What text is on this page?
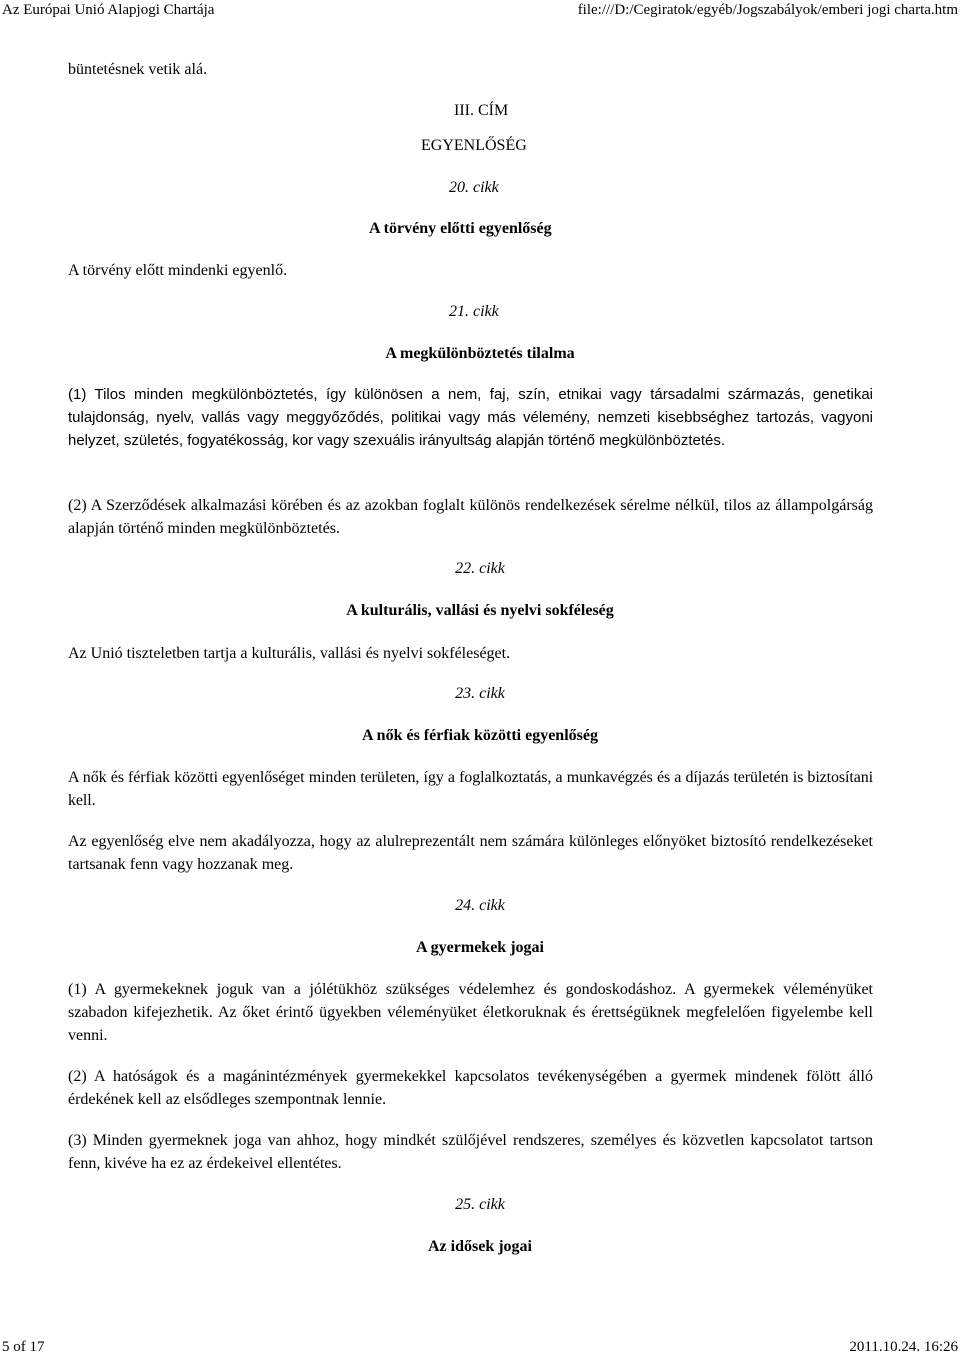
Az Európai Unió Alapjogi Chartája	file:///D:/Cegiratok/egyéb/Jogszabályok/emberi jogi charta.htm
büntetésnek vetik alá.
III. CÍM
EGYENLŐSÉG
20. cikk
A törvény előtti egyenlőség
A törvény előtt mindenki egyenlő.
21. cikk
A megkülönböztetés tilalma

(1) Tilos minden megkülönböztetés, így különösen a nem, faj, szín, etnikai vagy társadalmi származás, genetikai tulajdonság, nyelv, vallás vagy meggyőződés, politikai vagy más vélemény, nemzeti kisebbséghez tartozás, vagyoni helyzet, születés, fogyatékosság, kor vagy szexuális irányultság alapján történő megkülönböztetés.

(2) A Szerződések alkalmazási körében és az azokban foglalt különös rendelkezések sérelme nélkül, tilos az állampolgárság alapján történő minden megkülönböztetés.

22. cikk
A kulturális, vallási és nyelvi sokféleség
Az Unió tiszteletben tartja a kulturális, vallási és nyelvi sokféleséget.
23. cikk
A nők és férfiak közötti egyenlőség

A nők és férfiak közötti egyenlőséget minden területen, így a foglalkoztatás, a munkavégzés és a díjazás területén is biztosítani kell.

Az egyenlőség elve nem akadályozza, hogy az alulreprezentált nem számára különleges előnyöket biztosító rendelkezéseket tartsanak fenn vagy hozzanak meg.

24. cikk
A gyermekek jogai

(1) A gyermekeknek joguk van a jólétükhöz szükséges védelemhez és gondoskodáshoz. A gyermekek véleményüket szabadon kifejezhetik. Az őket érintő ügyekben véleményüket életkoruknak és érettségüknek megfelelően figyelembe kell venni.

(2) A hatóságok és a magánintézmények gyermekekkel kapcsolatos tevékenységében a gyermek mindenek fölött álló érdekének kell az elsődleges szempontnak lennie.

(3) Minden gyermeknek joga van ahhoz, hogy mindkét szülőjével rendszeres, személyes és közvetlen kapcsolatot tartson fenn, kivéve ha ez az érdekeivel ellentétes.

25. cikk
Az idősek jogai
5 of 17	2011.10.24. 16:26
